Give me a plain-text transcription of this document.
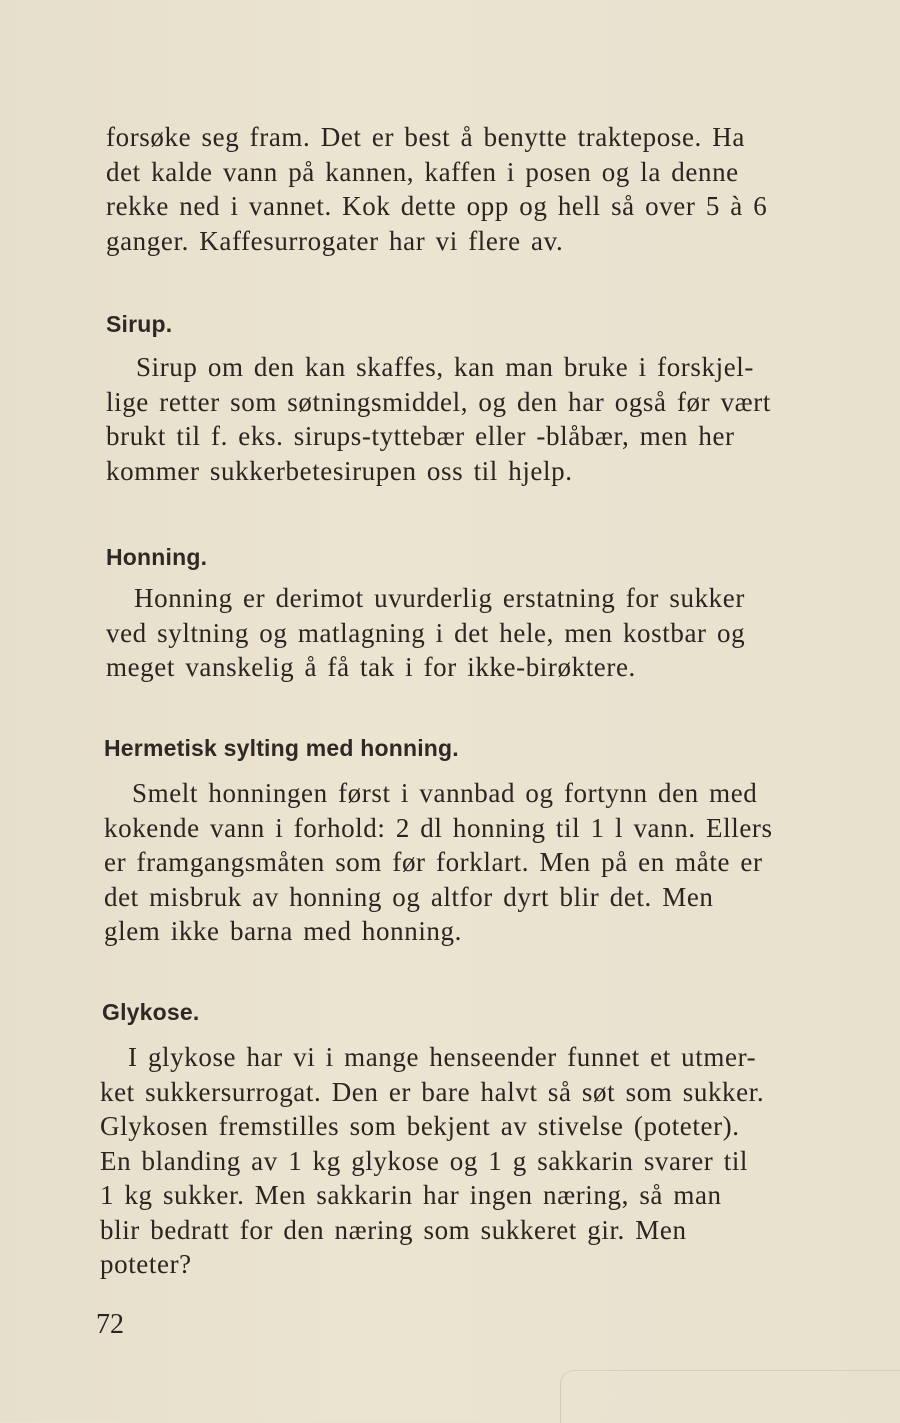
forsøke seg fram. Det er best å benytte traktepose. Ha
det kalde vann på kannen, kaffen i posen og la denne
rekke ned i vannet. Kok dette opp og hell så over 5 à 6
ganger. Kaffesurrogater har vi flere av.

Sirup.

Sirup om den kan skaffes, kan man bruke i forskjel-
lige retter som søtningsmiddel, og den har også før vært
brukt til f. eks. sirups-tyttebær eller -blåbær, men her
kommer sukkerbetesirupen oss til hjelp.

Honning.

Honning er derimot uvurderlig erstatning for sukker
ved syltning og matlagning i det hele, men kostbar og
meget vanskelig å få tak i for ikke-birøktere.

Hermetisk sylting med honning.

Smelt honningen først i vannbad og fortynn den med
kokende vann i forhold: 2 dl honning til 1 l vann. Ellers
er framgangsmåten som før forklart. Men på en måte er
det misbruk av honning og altfor dyrt blir det. Men
glem ikke barna med honning.

Glykose.

I glykose har vi i mange henseender funnet et utmer-
ket sukkersurrogat. Den er bare halvt så søt som sukker.
Glykosen fremstilles som bekjent av stivelse (poteter).
En blanding av 1 kg glykose og 1 g sakkarin svarer til
1 kg sukker. Men sakkarin har ingen næring, så man
blir bedratt for den næring som sukkeret gir. Men
poteter?

72
